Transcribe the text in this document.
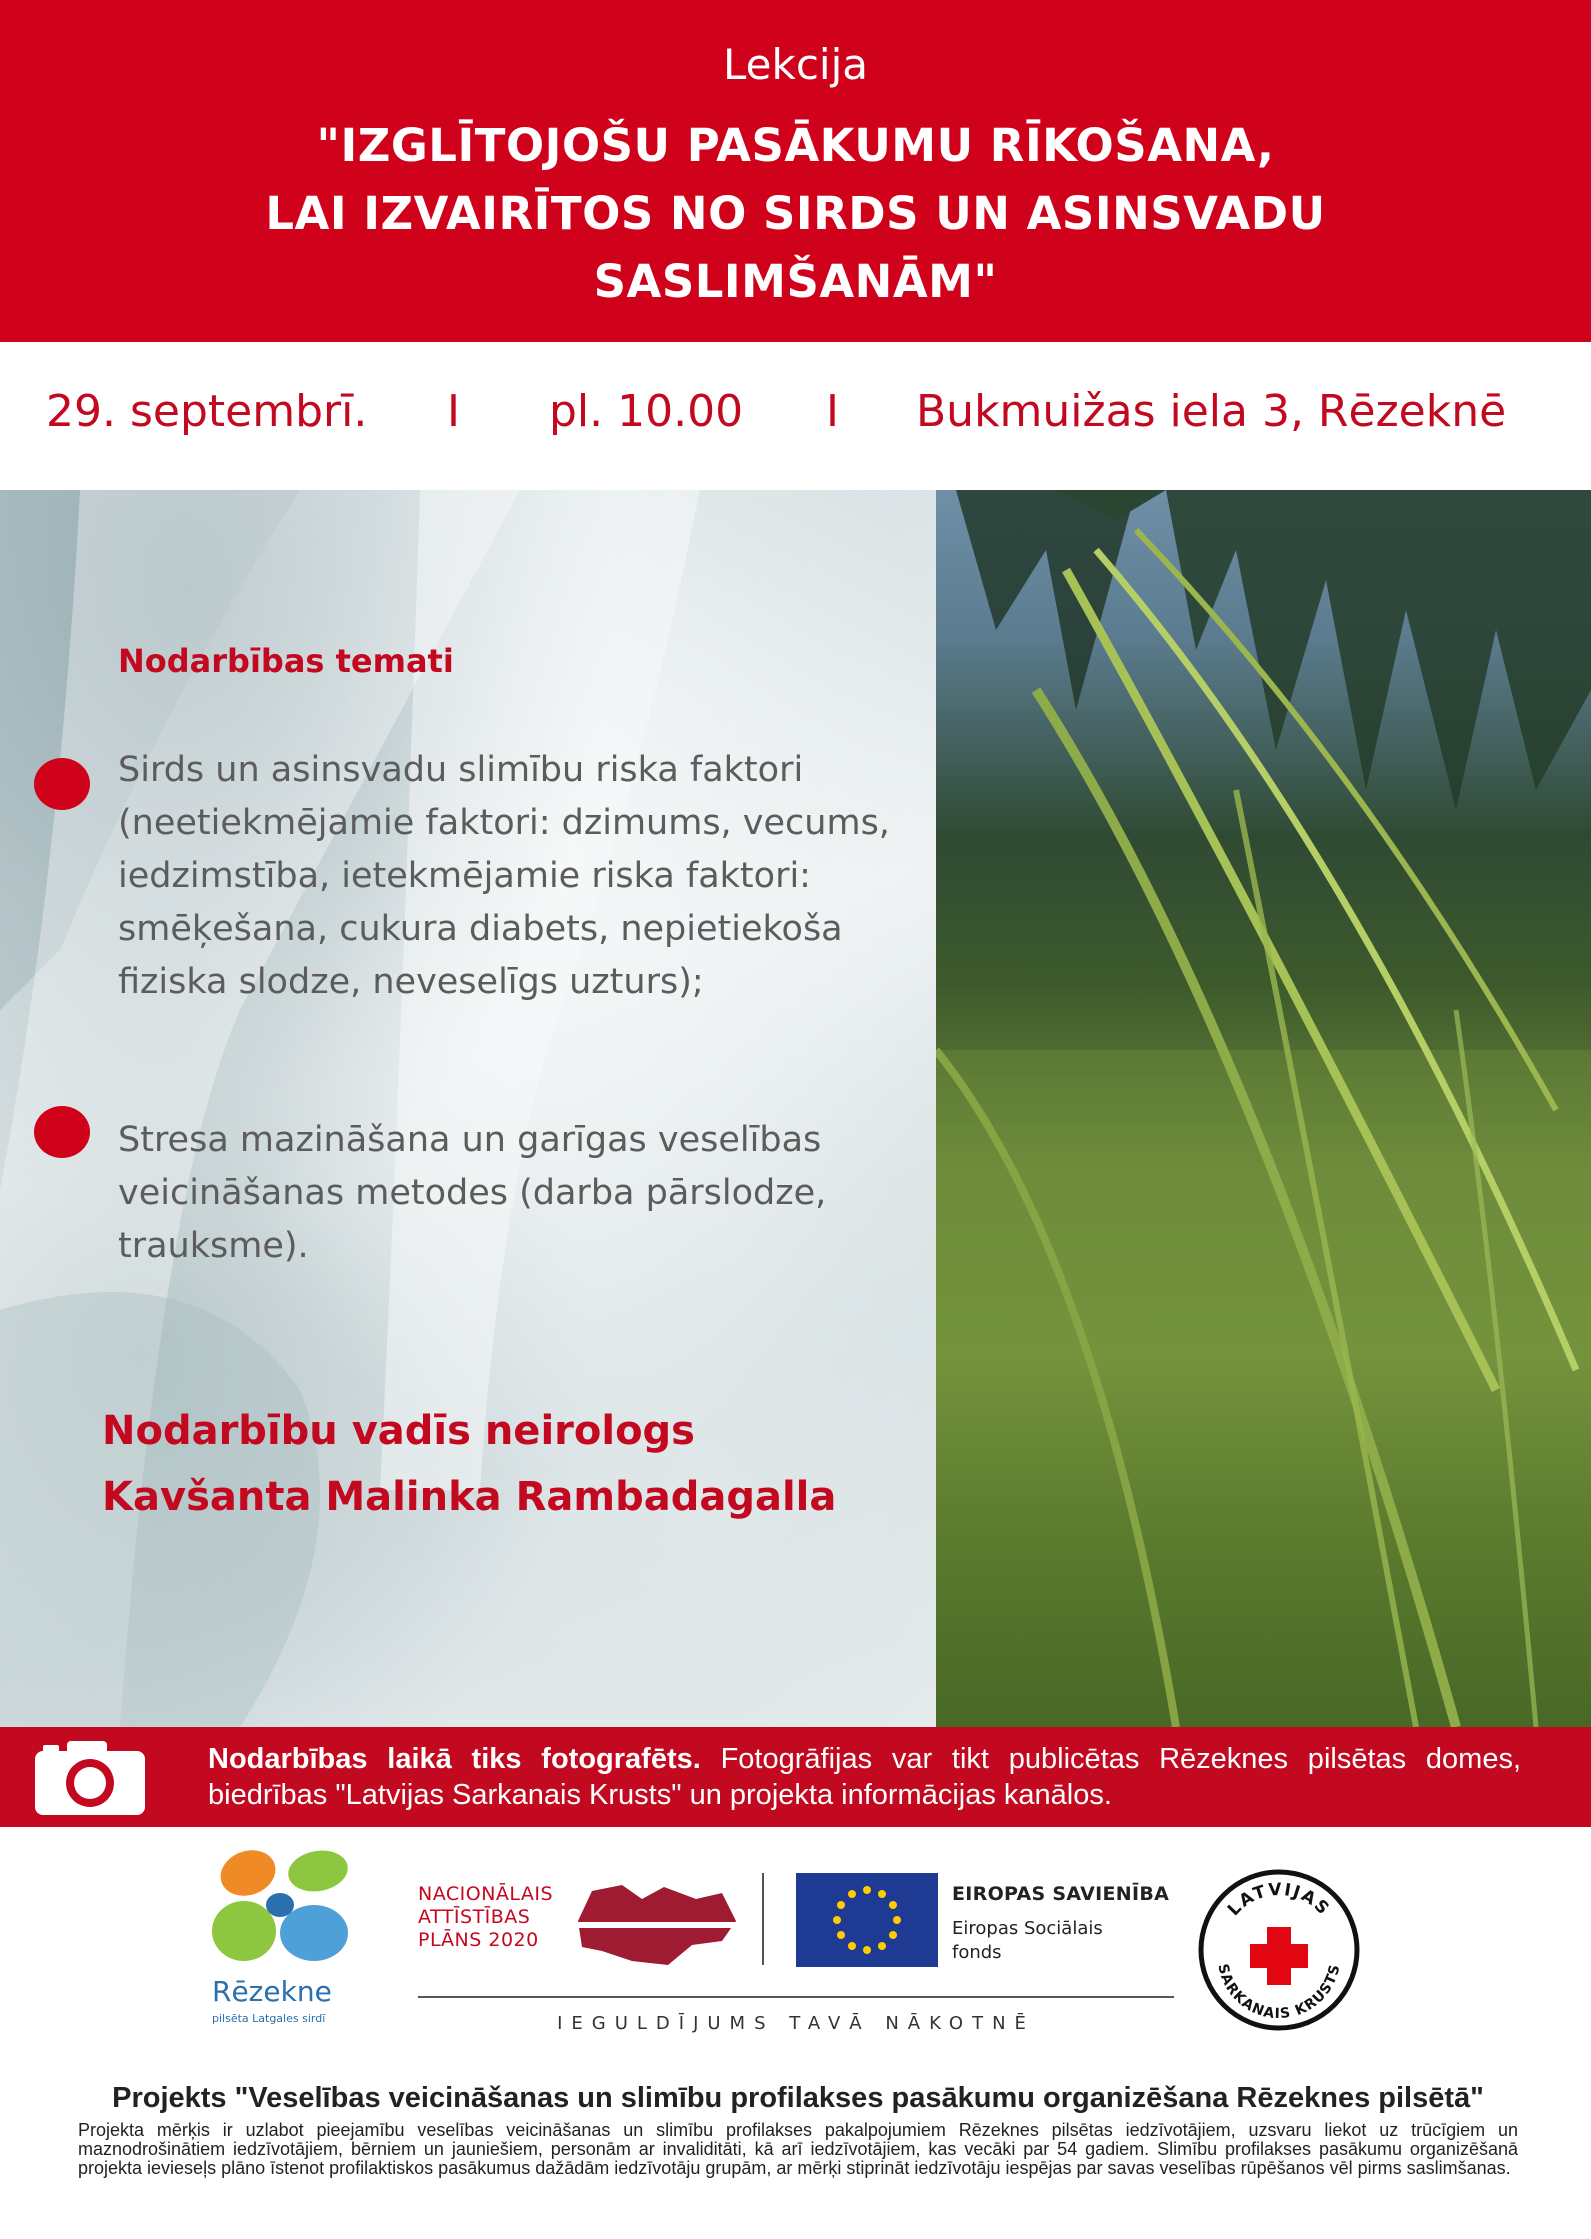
Lekcija
"IZGLĪTOJOŠU PASĀKUMU RĪKOŠANA,
LAI IZVAIRĪTOS NO SIRDS UN ASINSVADU
SASLIMŠANĀM"
29. septembrī. I pl. 10.00 I Bukmuižas iela 3, Rēzeknē
Nodarbības temati
Sirds un asinsvadu slimību riska faktori (neetiekmējamie faktori: dzimums, vecums, iedzimstība, ietekmējamie riska faktori: smēķešana, cukura diabets, nepietiekoša fiziska slodze, neveselīgs uzturs);
Stresa mazināšana un garīgas veselības veicināšanas metodes (darba pārslodze, trauksme).
Nodarbību vadīs neirologs
Kavšanta Malinka Rambadagalla
Nodarbības laikā tiks fotografēts. Fotogrāfijas var tikt publicētas Rēzeknes pilsētas domes, biedrības "Latvijas Sarkanais Krusts" un projekta informācijas kanālos.
Rēzekne
pilsēta Latgales sirdī
NACIONĀLAIS
ATTĪSTĪBAS
PLĀNS 2020
EIROPAS SAVIENĪBA
Eiropas Sociālais
fonds
IEGULDĪJUMS TAVĀ NĀKOTNĒ
LATVIJAS
SARKANAIS KRUSTS
Projekts "Veselības veicināšanas un slimību profilakses pasākumu organizēšana Rēzeknes pilsētā"
Projekta mērķis ir uzlabot pieejamību veselības veicināšanas un slimību profilakses pakalpojumiem Rēzeknes pilsētas iedzīvotājiem, uzsvaru liekot uz trūcīgiem un maznodrošinātiem iedzīvotājiem, bērniem un jauniešiem, personām ar invaliditāti, kā arī iedzīvotājiem, kas vecāki par 54 gadiem. Slimību profilakses pasākumu organizēšanā projekta ievieseļs plāno īstenot profilaktiskos pasākumus dažādām iedzīvotāju grupām, ar mērķi stiprināt iedzīvotāju iespējas par savas veselības rūpēšanos vēl pirms saslimšanas.
